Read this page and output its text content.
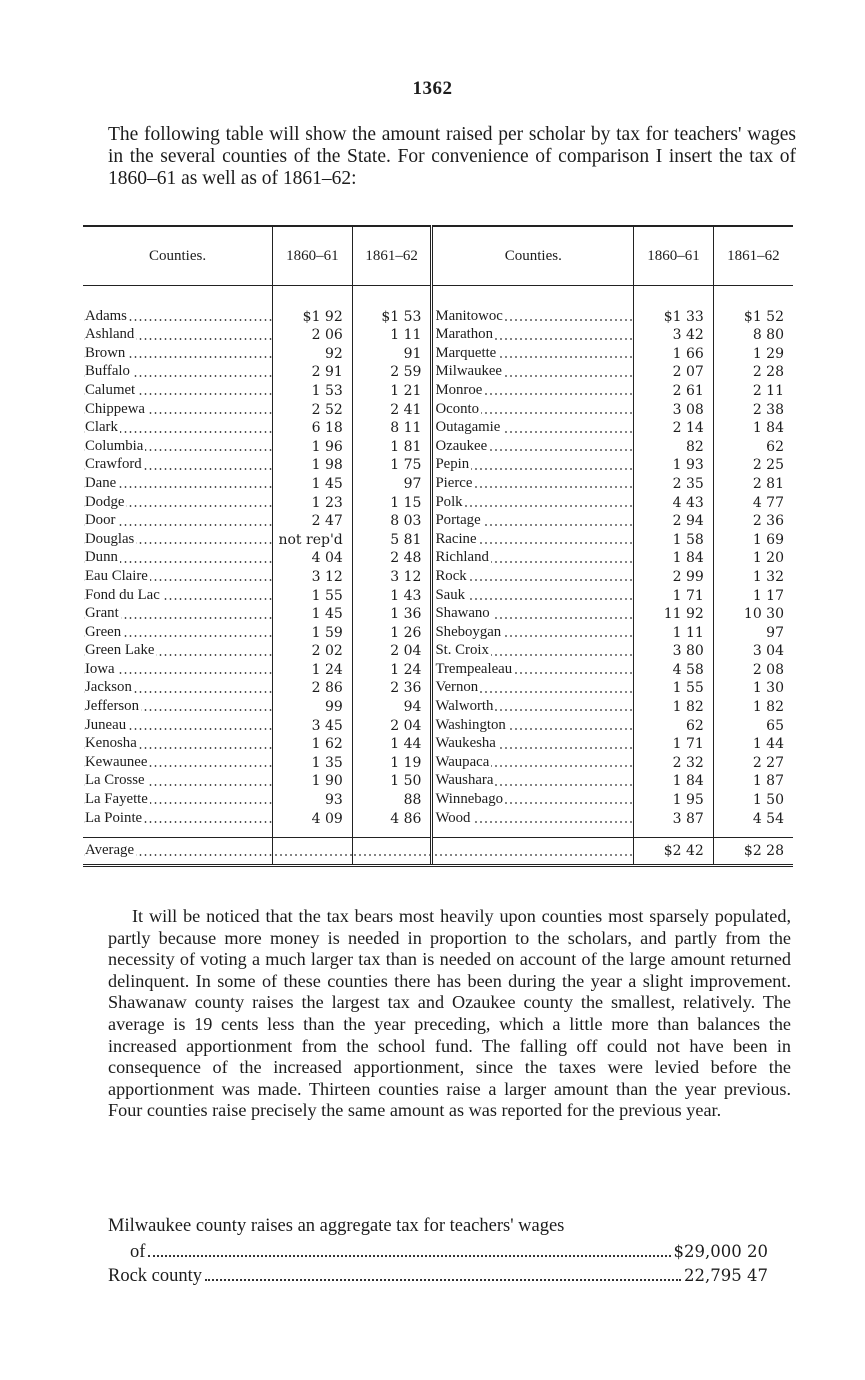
1362
The following table will show the amount raised per scholar by tax for teachers' wages in the several counties of the State. For convenience of comparison I insert the tax of 1860–61 as well as of 1861–62:
Counties.	1860–61	1861–62	Counties.	1860–61	1861–62

Adams	$1 92	$1 53	Manitowoc	$1 33	$1 52
Ashland	2 06	1 11	Marathon	3 42	8 80
Brown	92	91	Marquette	1 66	1 29
Buffalo	2 91	2 59	Milwaukee	2 07	2 28
Calumet	1 53	1 21	Monroe	2 61	2 11
Chippewa	2 52	2 41	Oconto	3 08	2 38
Clark	6 18	8 11	Outagamie	2 14	1 84
Columbia	1 96	1 81	Ozaukee	82	62
Crawford	1 98	1 75	Pepin	1 93	2 25
Dane	1 45	97	Pierce	2 35	2 81
Dodge	1 23	1 15	Polk	4 43	4 77
Door	2 47	8 03	Portage	2 94	2 36
Douglas	not rep'd	5 81	Racine	1 58	1 69
Dunn	4 04	2 48	Richland	1 84	1 20
Eau Claire	3 12	3 12	Rock	2 99	1 32
Fond du Lac	1 55	1 43	Sauk	1 71	1 17
Grant	1 45	1 36	Shawano	11 92	10 30
Green	1 59	1 26	Sheboygan	1 11	97
Green Lake	2 02	2 04	St. Croix	3 80	3 04
Iowa	1 24	1 24	Trempealeau	4 58	2 08
Jackson	2 86	2 36	Vernon	1 55	1 30
Jefferson	99	94	Walworth	1 82	1 82
Juneau	3 45	2 04	Washington	62	65
Kenosha	1 62	1 44	Waukesha	1 71	1 44
Kewaunee	1 35	1 19	Waupaca	2 32	2 27
La Crosse	1 90	1 50	Waushara	1 84	1 87
La Fayette	93	88	Winnebago	1 95	1 50
La Pointe	4 09	4 86	Wood	3 87	4 54

Average				$2 42	$2 28
It will be noticed that the tax bears most heavily upon counties most sparsely populated, partly because more money is needed in proportion to the scholars, and partly from the necessity of voting a much larger tax than is needed on account of the large amount returned delinquent. In some of these counties there has been during the year a slight improvement. Shawanaw county raises the largest tax and Ozaukee county the smallest, relatively. The average is 19 cents less than the year preceding, which a little more than balances the increased apportionment from the school fund. The falling off could not have been in consequence of the increased apportionment, since the taxes were levied before the apportionment was made. Thirteen counties raise a larger amount than the year previous. Four counties raise precisely the same amount as was reported for the previous year.
Milwaukee county raises an aggregate tax for teachers' wages
of	$29,000 20
Rock county	22,795 47
